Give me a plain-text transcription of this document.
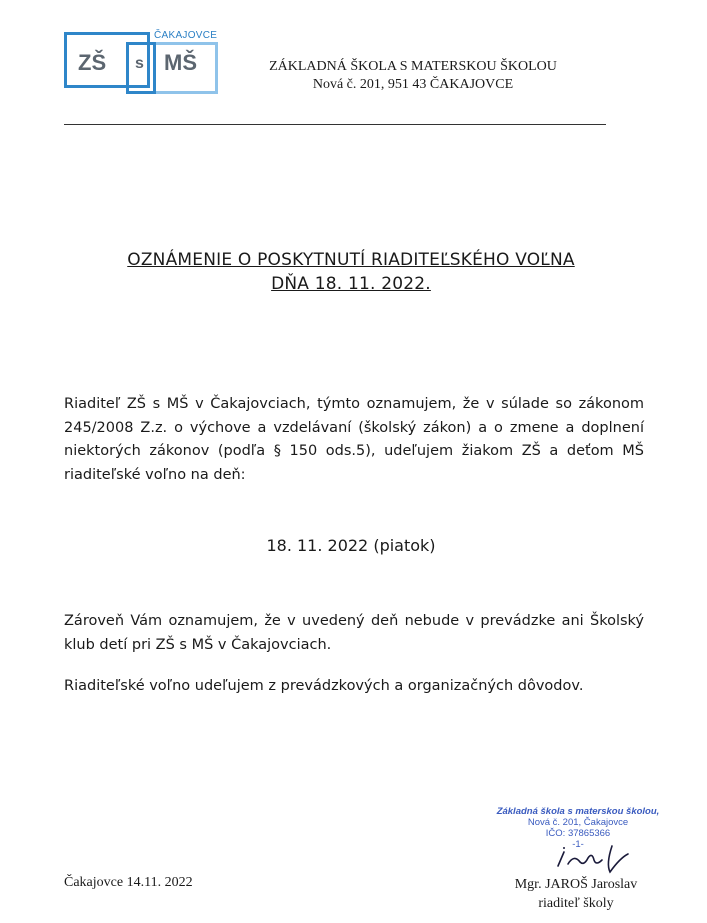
ČAKAJOVCE
ZŠ s MŠ	ZÁKLADNÁ ŠKOLA S MATERSKOU ŠKOLOU
Nová č. 201, 951 43 ČAKAJOVCE
OZNÁMENIE O POSKYTNUTÍ RIADITEĽSKÉHO VOĽNA
DŇA 18. 11. 2022.
Riaditeľ ZŠ s MŠ v Čakajovciach, týmto oznamujem, že v súlade so zákonom 245/2008 Z.z. o výchove a vzdelávaní (školský zákon) a o zmene a doplnení niektorých zákonov (podľa § 150 ods.5), udeľujem žiakom ZŠ a deťom MŠ riaditeľské voľno na deň:
18. 11. 2022 (piatok)
Zároveň Vám oznamujem, že v uvedený deň nebude v prevádzke ani Školský klub detí pri ZŠ s MŠ v Čakajovciach.
Riaditeľské voľno udeľujem z prevádzkových a organizačných dôvodov.
Základná škola s materskou školou,
Nová č. 201, Čakajovce
IČO: 37865366
-1-
Čakajovce 14.11. 2022	Mgr. JAROŠ Jaroslav
riaditeľ školy
